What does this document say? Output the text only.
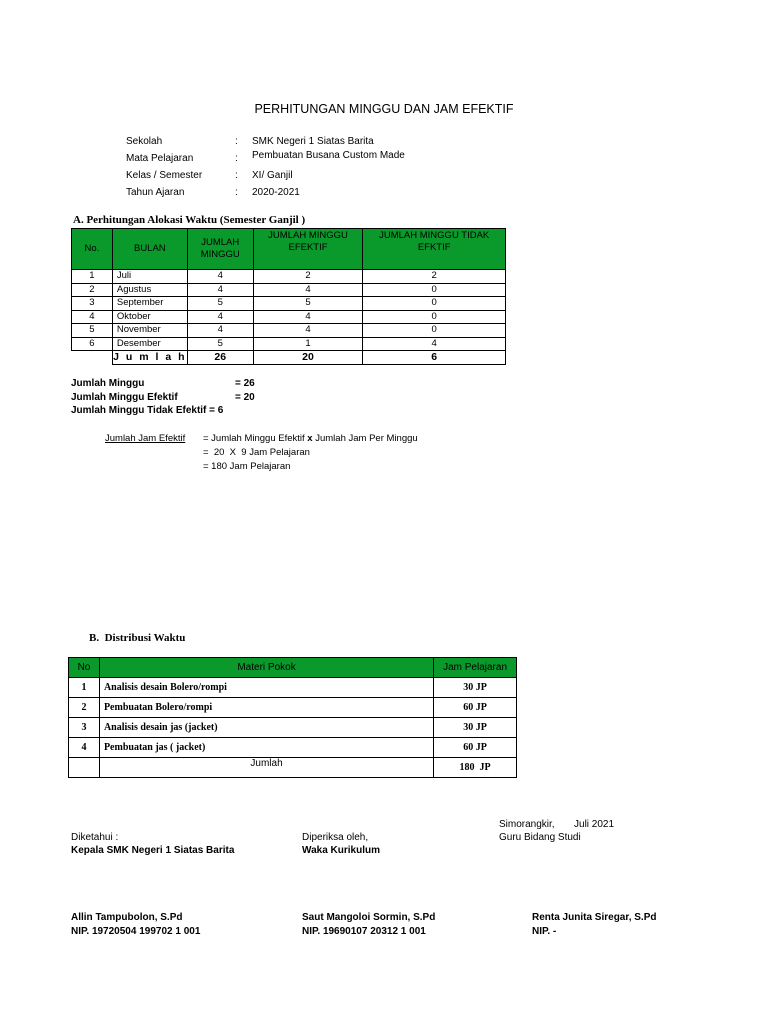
PERHITUNGAN MINGGU DAN JAM EFEKTIF
Sekolah	: SMK Negeri 1 Siatas Barita
Mata Pelajaran	: Pembuatan Busana Custom Made
Kelas / Semester	: XI/ Ganjil
Tahun Ajaran	: 2020-2021
A. Perhitungan Alokasi Waktu (Semester Ganjil )
No.	BULAN	JUMLAH MINGGU	JUMLAH MINGGU EFEKTIF	JUMLAH MINGGU TIDAK EFKTIF
1	Juli	4	2	2
2	Agustus	4	4	0
3	September	5	5	0
4	Oktober	4	4	0
5	November	4	4	0
6	Desember	5	1	4
	J u m l a h	26	20	6
Jumlah Minggu	= 26
Jumlah Minggu Efektif	= 20
Jumlah Minggu Tidak Efektif = 6
Jumlah Jam Efektif = Jumlah Minggu Efektif x Jumlah Jam Per Minggu
=  20  X  9 Jam Pelajaran
= 180 Jam Pelajaran
B.  Distribusi Waktu
No	Materi Pokok	Jam Pelajaran
1	Analisis desain Bolero/rompi	30 JP
2	Pembuatan Bolero/rompi	60 JP
3	Analisis desain jas (jacket)	30 JP
4	Pembuatan jas ( jacket)	60 JP
	Jumlah	180  JP
Simorangkir,       Juli 2021
Guru Bidang Studi
Diketahui :
Kepala SMK Negeri 1 Siatas Barita
Allin Tampubolon, S.Pd
NIP. 19720504 199702 1 001
Diperiksa oleh,
Waka Kurikulum
Saut Mangoloi Sormin, S.Pd
NIP. 19690107 20312 1 001
Renta Junita Siregar, S.Pd
NIP. -
